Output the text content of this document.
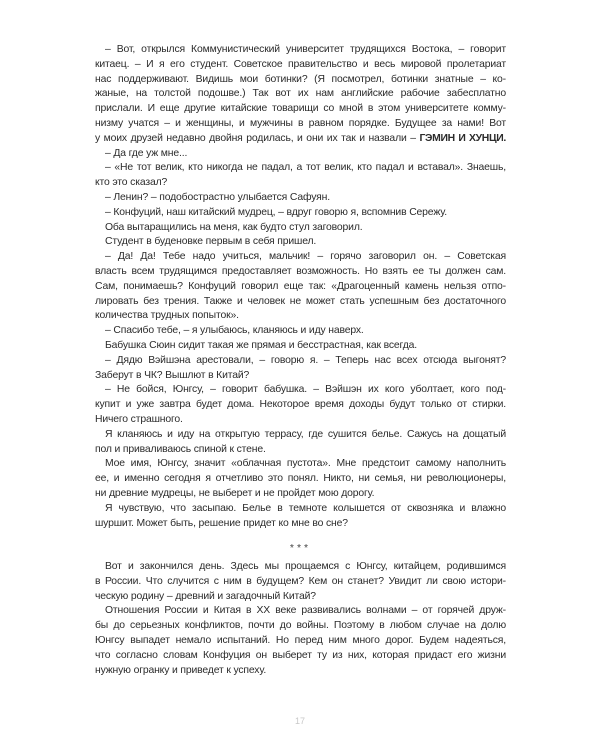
– Вот, открылся Коммунистический университет трудящихся Востока, – говорит
китаец. – И я его студент. Советское правительство и весь мировой пролетариат
нас поддерживают. Видишь мои ботинки? (Я посмотрел, ботинки знатные – ко-
жаные, на толстой подошве.) Так вот их нам английские рабочие забесплатно
прислали. И еще другие китайские товарищи со мной в этом университете комму-
низму учатся – и женщины, и мужчины в равном порядке. Будущее за нами! Вот
у моих друзей недавно двойня родилась, и они их так и назвали – ГЭМИН И ХУНЦИ.
– Да где уж мне...
– «Не тот велик, кто никогда не падал, а тот велик, кто падал и вставал». Знаешь,
кто это сказал?
– Ленин? – подобострастно улыбается Сафуян.
– Конфуций, наш китайский мудрец, – вдруг говорю я, вспомнив Сережу.
Оба вытаращились на меня, как будто стул заговорил.
Студент в буденовке первым в себя пришел.
– Да! Да! Тебе надо учиться, мальчик! – горячо заговорил он. – Советская
власть всем трудящимся предоставляет возможность. Но взять ее ты должен сам.
Сам, понимаешь? Конфуций говорил еще так: «Драгоценный камень нельзя отпо-
лировать без трения. Также и человек не может стать успешным без достаточного
количества трудных попыток».
– Спасибо тебе, – я улыбаюсь, кланяюсь и иду наверх.
Бабушка Сюин сидит такая же прямая и бесстрастная, как всегда.
– Дядю Вэйшэна арестовали, – говорю я. – Теперь нас всех отсюда выгонят?
Заберут в ЧК? Вышлют в Китай?
– Не бойся, Юнгсу, – говорит бабушка. – Вэйшэн их кого уболтает, кого под-
купит и уже завтра будет дома. Некоторое время доходы будут только от стирки.
Ничего страшного.
Я кланяюсь и иду на открытую террасу, где сушится белье. Сажусь на дощатый
пол и приваливаюсь спиной к стене.
Мое имя, Юнгсу, значит «облачная пустота». Мне предстоит самому наполнить
ее, и именно сегодня я отчетливо это понял. Никто, ни семья, ни революционеры,
ни древние мудрецы, не выберет и не пройдет мою дорогу.
Я чувствую, что засыпаю. Белье в темноте колышется от сквозняка и влажно
шуршит. Может быть, решение придет ко мне во сне?
***
Вот и закончился день. Здесь мы прощаемся с Юнгсу, китайцем, родившимся
в России. Что случится с ним в будущем? Кем он станет? Увидит ли свою истори-
ческую родину – древний и загадочный Китай?
Отношения России и Китая в XX веке развивались волнами – от горячей друж-
бы до серьезных конфликтов, почти до войны. Поэтому в любом случае на долю
Юнгсу выпадет немало испытаний. Но перед ним много дорог. Будем надеяться,
что согласно словам Конфуция он выберет ту из них, которая придаст его жизни
нужную огранку и приведет к успеху.
17
